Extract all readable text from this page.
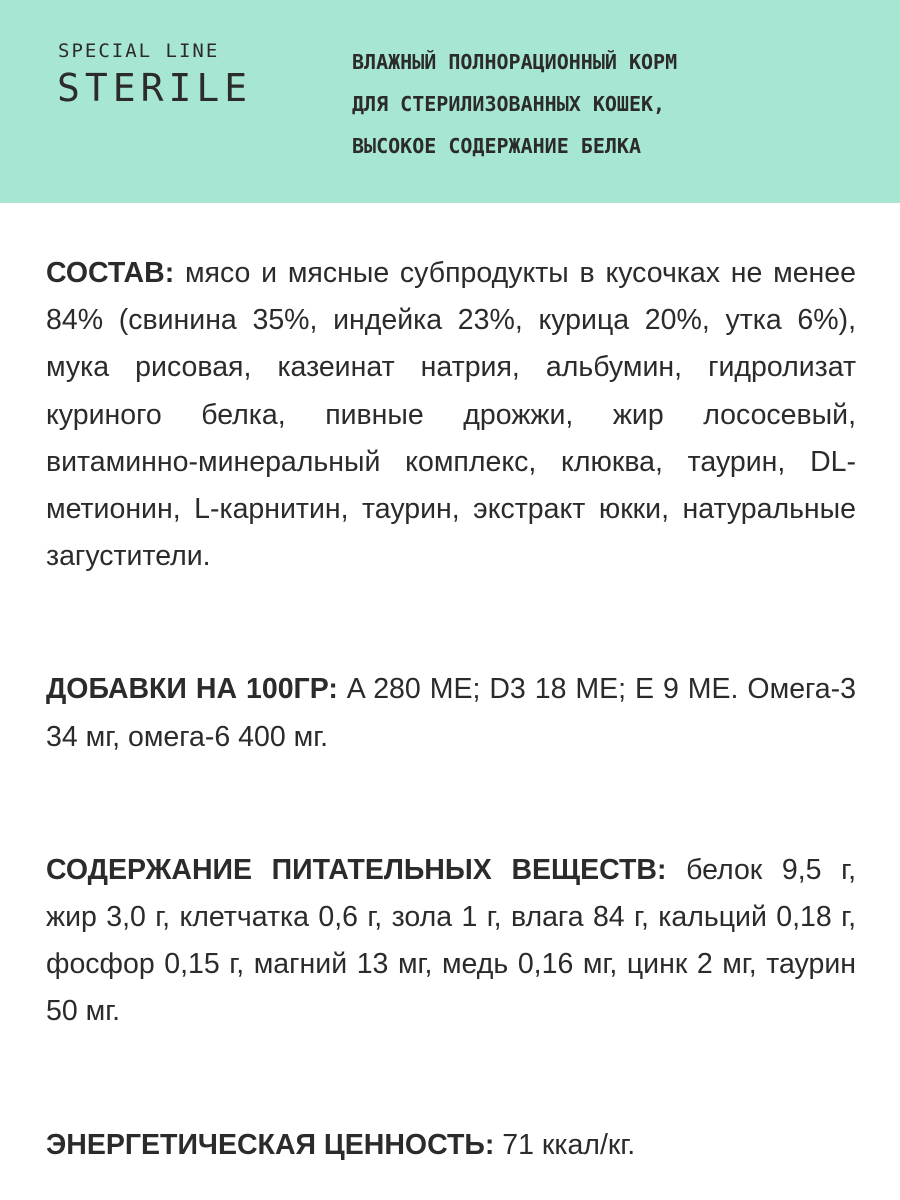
SPECIAL LINE
STERILE
ВЛАЖНЫЙ ПОЛНОРАЦИОННЫЙ КОРМ
ДЛЯ СТЕРИЛИЗОВАННЫХ КОШЕК,
ВЫСОКОЕ СОДЕРЖАНИЕ БЕЛКА

СОСТАВ: мясо и мясные субпродукты в кусочках не менее 84% (свинина 35%, индейка 23%, курица 20%, утка 6%), мука рисовая, казеинат натрия, альбумин, гидролизат куриного белка, пивные дрожжи, жир лососевый, витаминно-минеральный комплекс, клюква, таурин, DL-метионин, L-карнитин, таурин, экстракт юкки, натуральные загустители.

ДОБАВКИ НА 100ГР: A 280 МЕ; D3 18 МЕ; E 9 МЕ. Омега-3 34 мг, омега-6 400 мг.

СОДЕРЖАНИЕ ПИТАТЕЛЬНЫХ ВЕЩЕСТВ: белок 9,5 г, жир 3,0 г, клетчатка 0,6 г, зола 1 г, влага 84 г, кальций 0,18 г, фосфор 0,15 г, магний 13 мг, медь 0,16 мг, цинк 2 мг, таурин 50 мг.

ЭНЕРГЕТИЧЕСКАЯ ЦЕННОСТЬ: 71 ккал/кг.
